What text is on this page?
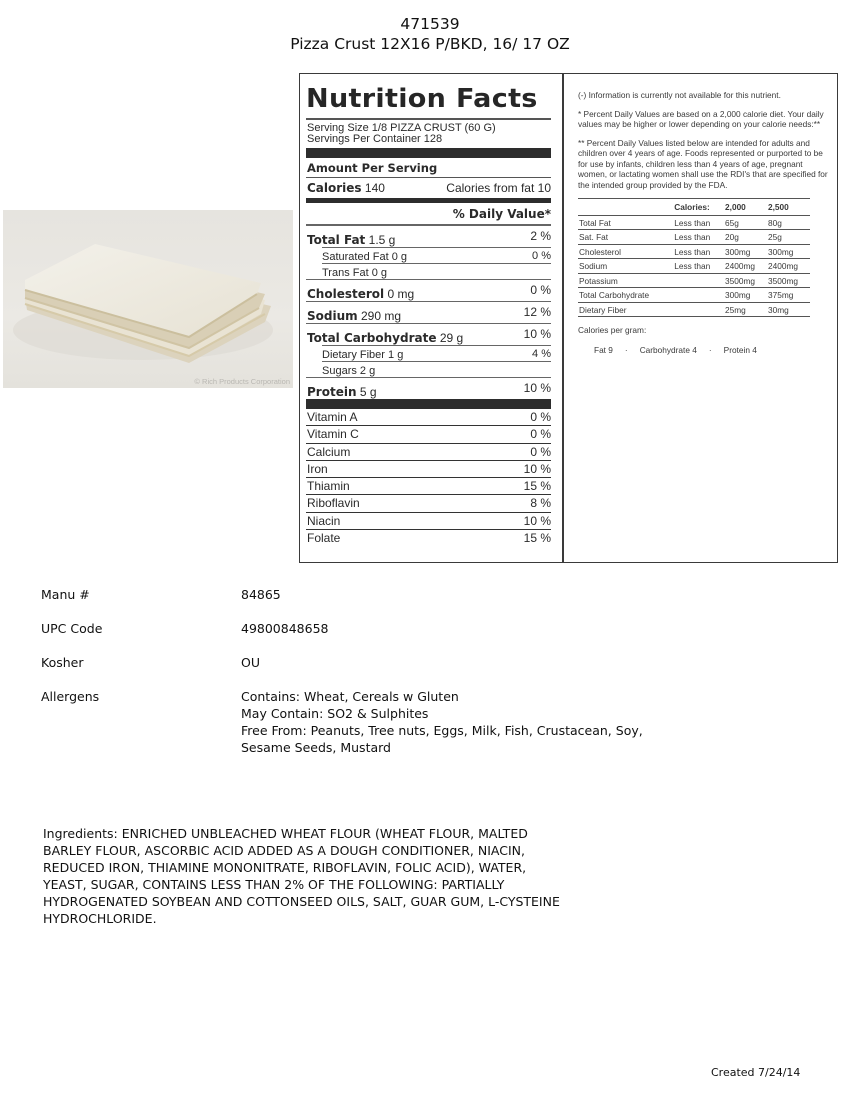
471539
Pizza Crust 12X16 P/BKD, 16/ 17 OZ
© Rich Products Corporation
Nutrition Facts
Serving Size 1/8 PIZZA CRUST (60 G)
Servings Per Container 128
Amount Per Serving
Calories 140	Calories from fat 10
% Daily Value*
Total Fat 1.5 g	2 %
Saturated Fat 0 g	0 %
Trans Fat 0 g
Cholesterol 0 mg	0 %
Sodium 290 mg	12 %
Total Carbohydrate 29 g	10 %
Dietary Fiber 1 g	4 %
Sugars 2 g
Protein 5 g	10 %
Vitamin A	0 %
Vitamin C	0 %
Calcium	0 %
Iron	10 %
Thiamin	15 %
Riboflavin	8 %
Niacin	10 %
Folate	15 %

(-) Information is currently not available for this nutrient.

* Percent Daily Values are based on a 2,000 calorie diet. Your daily values may be higher or lower depending on your calorie needs:**

** Percent Daily Values listed below are intended for adults and children over 4 years of age. Foods represented or purported to be for use by infants, children less than 4 years of age, pregnant women, or lactating women shall use the RDI's that are specified for the intended group provided by the FDA.

	Calories:	2,000	2,500
Total Fat	Less than	65g	80g
Sat. Fat	Less than	20g	25g
Cholesterol	Less than	300mg	300mg
Sodium	Less than	2400mg	2400mg
Potassium		3500mg	3500mg
Total Carbohydrate		300mg	375mg
Dietary Fiber		25mg	30mg
Calories per gram:
Fat 9 · Carbohydrate 4 · Protein 4
Manu #	84865
UPC Code	49800848658
Kosher	OU
Allergens	Contains: Wheat, Cereals w Gluten
May Contain: SO2 & Sulphites
Free From: Peanuts, Tree nuts, Eggs, Milk, Fish, Crustacean, Soy,
Sesame Seeds, Mustard
Ingredients: ENRICHED UNBLEACHED WHEAT FLOUR (WHEAT FLOUR, MALTED
BARLEY FLOUR, ASCORBIC ACID ADDED AS A DOUGH CONDITIONER, NIACIN,
REDUCED IRON, THIAMINE MONONITRATE, RIBOFLAVIN, FOLIC ACID), WATER,
YEAST, SUGAR, CONTAINS LESS THAN 2% OF THE FOLLOWING: PARTIALLY
HYDROGENATED SOYBEAN AND COTTONSEED OILS, SALT, GUAR GUM, L-CYSTEINE
HYDROCHLORIDE.
Created 7/24/14
